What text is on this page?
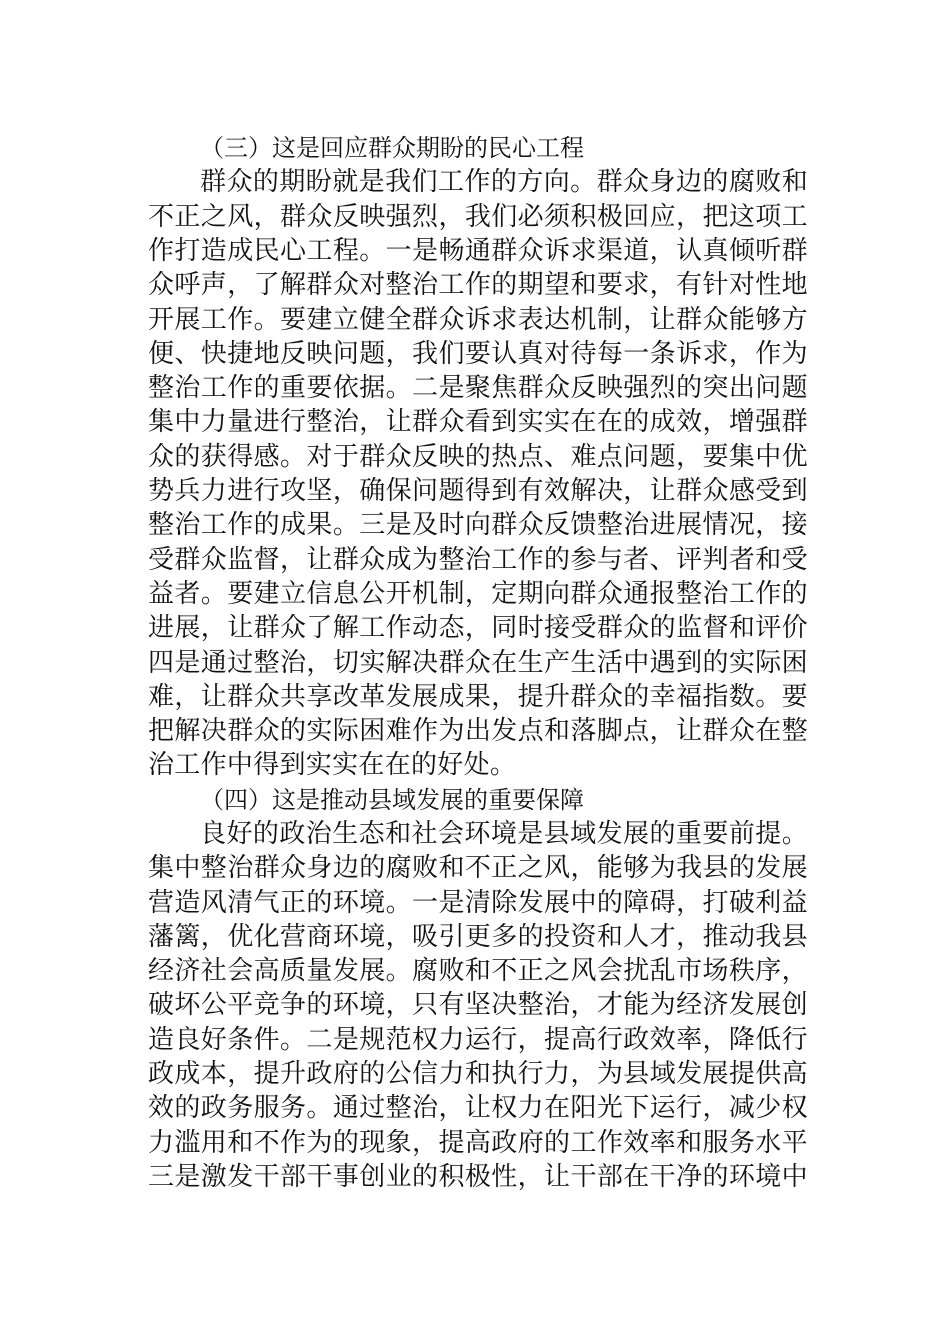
（三）这是回应群众期盼的民心工程
群众的期盼就是我们工作的方向。群众身边的腐败和
不正之风，群众反映强烈，我们必须积极回应，把这项工
作打造成民心工程。一是畅通群众诉求渠道，认真倾听群
众呼声，了解群众对整治工作的期望和要求，有针对性地
开展工作。要建立健全群众诉求表达机制，让群众能够方
便、快捷地反映问题，我们要认真对待每一条诉求，作为
整治工作的重要依据。二是聚焦群众反映强烈的突出问题
集中力量进行整治，让群众看到实实在在的成效，增强群
众的获得感。对于群众反映的热点、难点问题，要集中优
势兵力进行攻坚，确保问题得到有效解决，让群众感受到
整治工作的成果。三是及时向群众反馈整治进展情况，接
受群众监督，让群众成为整治工作的参与者、评判者和受
益者。要建立信息公开机制，定期向群众通报整治工作的
进展，让群众了解工作动态，同时接受群众的监督和评价
四是通过整治，切实解决群众在生产生活中遇到的实际困
难，让群众共享改革发展成果，提升群众的幸福指数。要
把解决群众的实际困难作为出发点和落脚点，让群众在整
治工作中得到实实在在的好处。
（四）这是推动县域发展的重要保障
良好的政治生态和社会环境是县域发展的重要前提。
集中整治群众身边的腐败和不正之风，能够为我县的发展
营造风清气正的环境。一是清除发展中的障碍，打破利益
藩篱，优化营商环境，吸引更多的投资和人才，推动我县
经济社会高质量发展。腐败和不正之风会扰乱市场秩序，
破坏公平竞争的环境，只有坚决整治，才能为经济发展创
造良好条件。二是规范权力运行，提高行政效率，降低行
政成本，提升政府的公信力和执行力，为县域发展提供高
效的政务服务。通过整治，让权力在阳光下运行，减少权
力滥用和不作为的现象，提高政府的工作效率和服务水平
三是激发干部干事创业的积极性，让干部在干净的环境中
